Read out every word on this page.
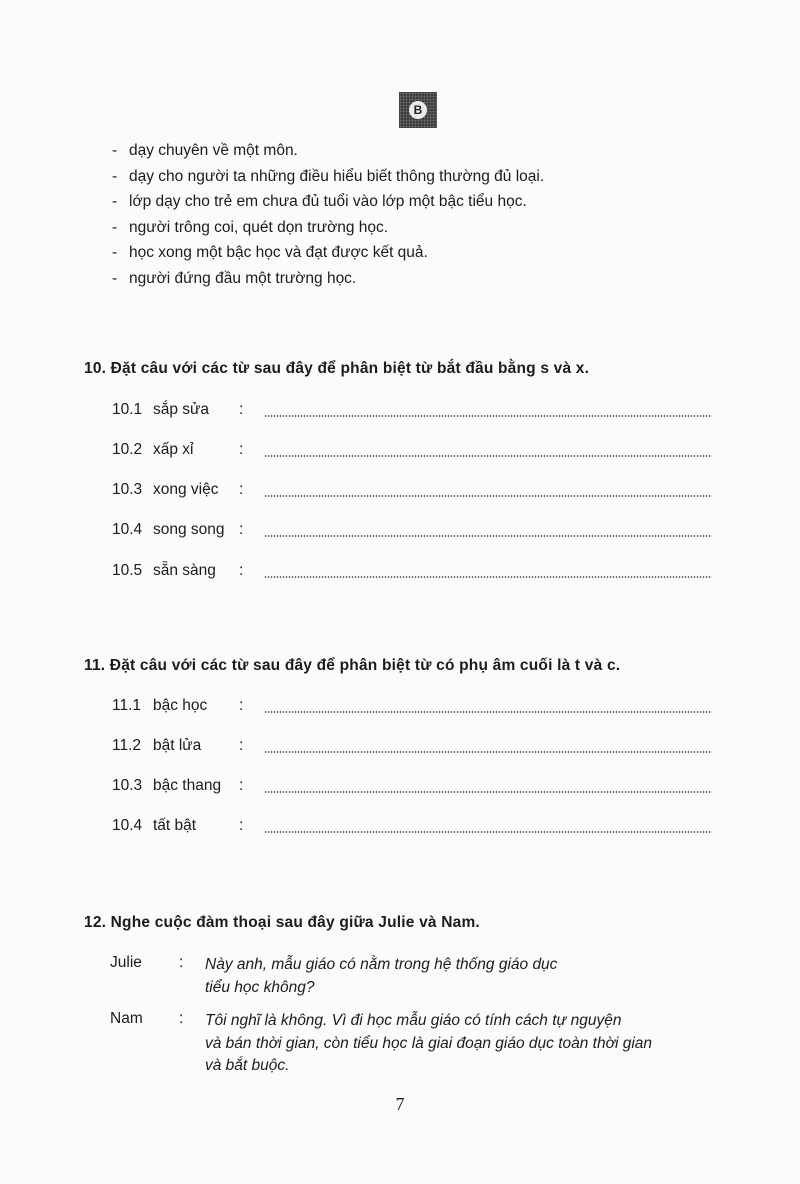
B
- dạy chuyên về một môn.
- dạy cho người ta những điều hiểu biết thông thường đủ loại.
- lớp dạy cho trẻ em chưa đủ tuổi vào lớp một bậc tiểu học.
- người trông coi, quét dọn trường học.
- học xong một bậc học và đạt được kết quả.
- người đứng đầu một trường học.
10. Đặt câu với các từ sau đây để phân biệt từ bắt đầu bằng s và x.
10.1 sắp sửa :
10.2 xấp xỉ	:
10.3 xong việc :
10.4 song song :
10.5 sẵn sàng :
11. Đặt câu với các từ sau đây để phân biệt từ có phụ âm cuối là t và c.
11.1 bậc học :
11.2 bật lửa :
10.3 bậc thang :
10.4 tất bật	:
12. Nghe cuộc đàm thoại sau đây giữa Julie và Nam.
Julie : Này anh, mẫu giáo có nằm trong hệ thống giáo dục
tiểu học không?
Nam : Tôi nghĩ là không. Vì đi học mẫu giáo có tính cách tự nguyện
và bán thời gian, còn tiểu học là giai đoạn giáo dục toàn thời gian
và bắt buộc.
7
